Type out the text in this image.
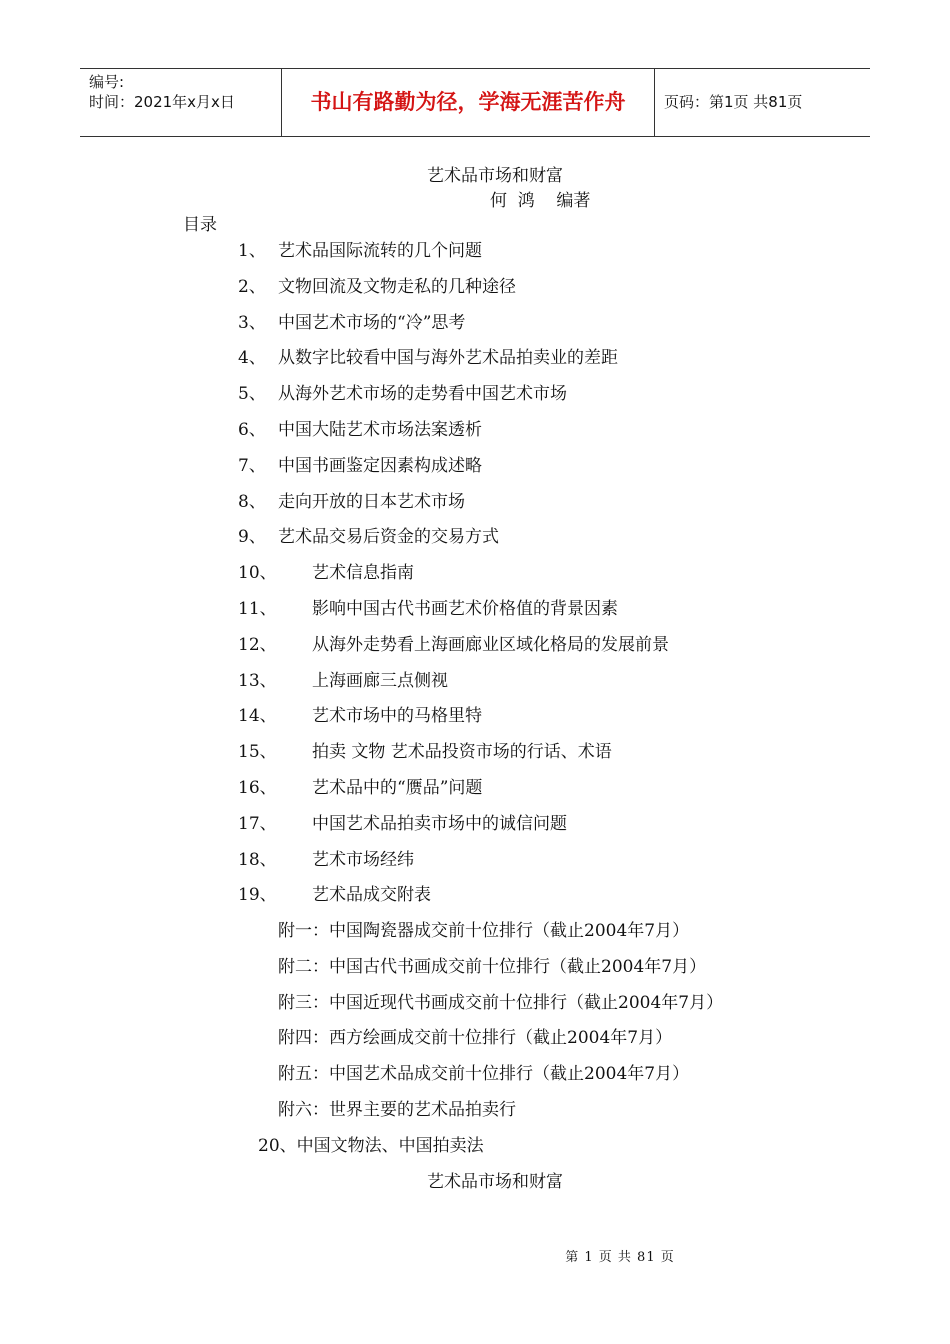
编号:
时间：2021年x月x日	书山有路勤为径，学海无涯苦作舟	页码：第1页 共81页
艺术品市场和财富
何  鸿    编著
目录
1、 艺术品国际流转的几个问题
2、 文物回流及文物走私的几种途径
3、 中国艺术市场的“冷”思考
4、 从数字比较看中国与海外艺术品拍卖业的差距
5、 从海外艺术市场的走势看中国艺术市场
6、 中国大陆艺术市场法案透析
7、 中国书画鉴定因素构成述略
8、 走向开放的日本艺术市场
9、 艺术品交易后资金的交易方式
10、 艺术信息指南
11、 影响中国古代书画艺术价格值的背景因素
12、 从海外走势看上海画廊业区域化格局的发展前景
13、 上海画廊三点侧视
14、 艺术市场中的马格里特
15、 拍卖 文物 艺术品投资市场的行话、术语
16、 艺术品中的“赝品”问题
17、 中国艺术品拍卖市场中的诚信问题
18、 艺术市场经纬
19、 艺术品成交附表
附一：中国陶瓷器成交前十位排行（截止2004年7月）
附二：中国古代书画成交前十位排行（截止2004年7月）
附三：中国近现代书画成交前十位排行（截止2004年7月）
附四：西方绘画成交前十位排行（截止2004年7月）
附五：中国艺术品成交前十位排行（截止2004年7月）
附六：世界主要的艺术品拍卖行
20、中国文物法、中国拍卖法
艺术品市场和财富
第 1 页 共 81 页
